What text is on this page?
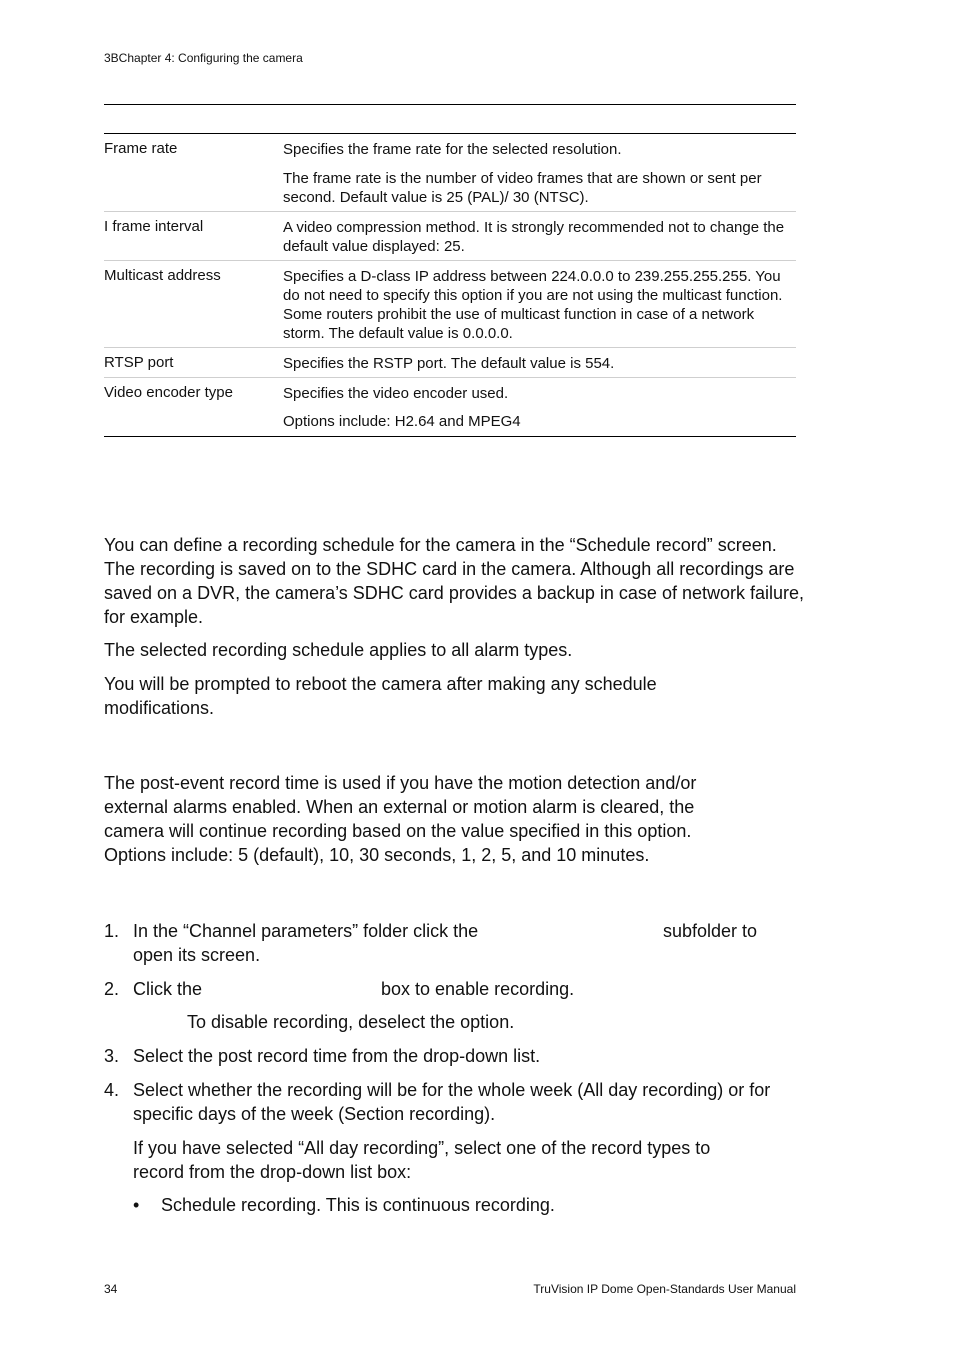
3BChapter 4: Configuring the camera
Frame rate	Specifies the frame rate for the selected resolution.
The frame rate is the number of video frames that are shown or sent per second. Default value is 25 (PAL)/ 30 (NTSC).
I frame interval	A video compression method. It is strongly recommended not to change the default value displayed: 25.
Multicast address	Specifies a D-class IP address between 224.0.0.0 to 239.255.255.255. You do not need to specify this option if you are not using the multicast function. Some routers prohibit the use of multicast function in case of a network storm. The default value is 0.0.0.0.
RTSP port	Specifies the RSTP port. The default value is 554.
Video encoder type	Specifies the video encoder used.
Options include: H2.64 and MPEG4
You can define a recording schedule for the camera in the “Schedule record” screen. The recording is saved on to the SDHC card in the camera. Although all recordings are saved on a DVR, the camera’s SDHC card provides a backup in case of network failure, for example.
The selected recording schedule applies to all alarm types.
You will be prompted to reboot the camera after making any schedule modifications.
The post-event record time is used if you have the motion detection and/or external alarms enabled. When an external or motion alarm is cleared, the camera will continue recording based on the value specified in this option. Options include: 5 (default), 10, 30 seconds, 1, 2, 5, and 10 minutes.
1. In the “Channel parameters” folder click the	subfolder to
open its screen.
2. Click the	box to enable recording.
To disable recording, deselect the option.
3. Select the post record time from the drop-down list.
4. Select whether the recording will be for the whole week (All day recording) or for specific days of the week (Section recording).
If you have selected “All day recording”, select one of the record types to record from the drop-down list box:
• Schedule recording. This is continuous recording.
34	TruVision IP Dome Open-Standards User Manual
